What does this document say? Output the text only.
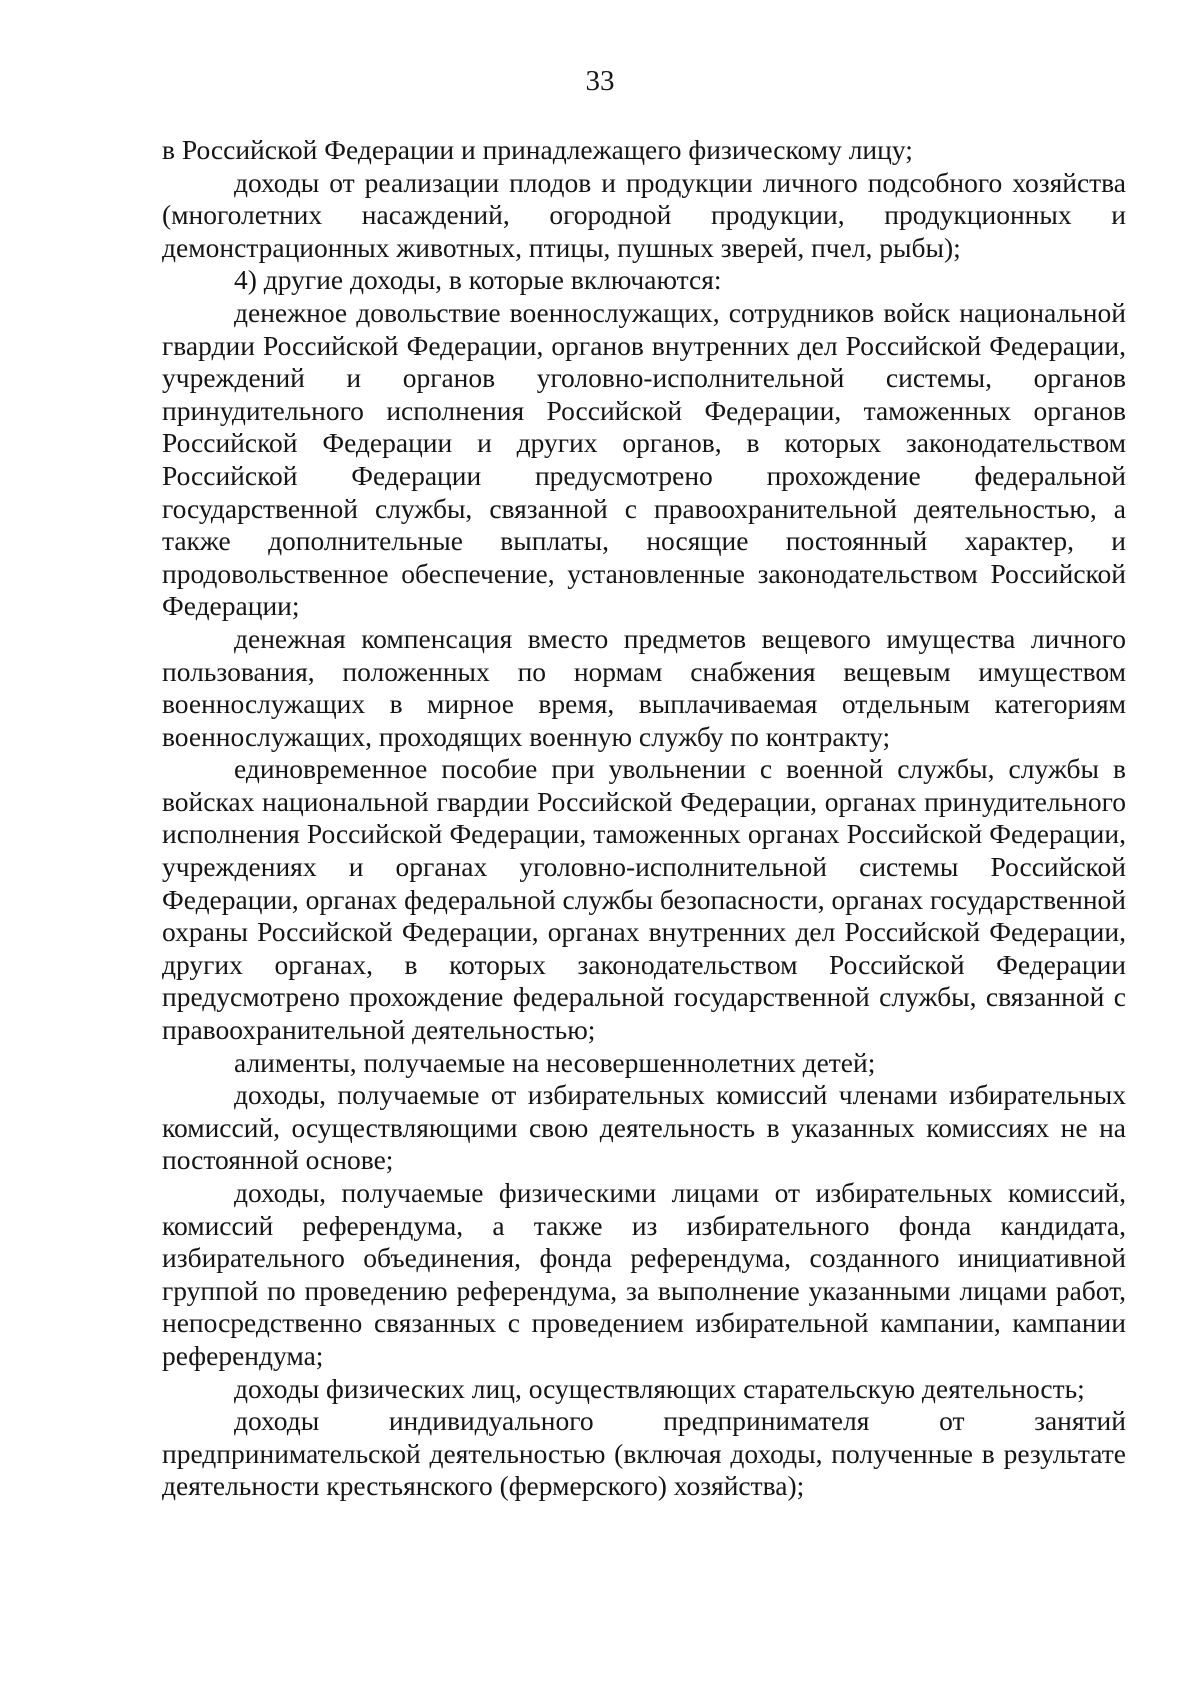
33

в Российской Федерации и принадлежащего физическому лицу;

доходы от реализации плодов и продукции личного подсобного хозяйства (многолетних насаждений, огородной продукции, продукционных и демонстрационных животных, птицы, пушных зверей, пчел, рыбы);

4) другие доходы, в которые включаются:

денежное довольствие военнослужащих, сотрудников войск национальной гвардии Российской Федерации, органов внутренних дел Российской Федерации, учреждений и органов уголовно-исполнительной системы, органов принудительного исполнения Российской Федерации, таможенных органов Российской Федерации и других органов, в которых законодательством Российской Федерации предусмотрено прохождение федеральной государственной службы, связанной с правоохранительной деятельностью, а также дополнительные выплаты, носящие постоянный характер, и продовольственное обеспечение, установленные законодательством Российской Федерации;

денежная компенсация вместо предметов вещевого имущества личного пользования, положенных по нормам снабжения вещевым имуществом военнослужащих в мирное время, выплачиваемая отдельным категориям военнослужащих, проходящих военную службу по контракту;

единовременное пособие при увольнении с военной службы, службы в войсках национальной гвардии Российской Федерации, органах принудительного исполнения Российской Федерации, таможенных органах Российской Федерации, учреждениях и органах уголовно-исполнительной системы Российской Федерации, органах федеральной службы безопасности, органах государственной охраны Российской Федерации, органах внутренних дел Российской Федерации, других органах, в которых законодательством Российской Федерации предусмотрено прохождение федеральной государственной службы, связанной с правоохранительной деятельностью;

алименты, получаемые на несовершеннолетних детей;

доходы, получаемые от избирательных комиссий членами избирательных комиссий, осуществляющими свою деятельность в указанных комиссиях не на постоянной основе;

доходы, получаемые физическими лицами от избирательных комиссий, комиссий референдума, а также из избирательного фонда кандидата, избирательного объединения, фонда референдума, созданного инициативной группой по проведению референдума, за выполнение указанными лицами работ, непосредственно связанных с проведением избирательной кампании, кампании референдума;

доходы физических лиц, осуществляющих старательскую деятельность;

доходы индивидуального предпринимателя от занятий предпринимательской деятельностью (включая доходы, полученные в результате деятельности крестьянского (фермерского) хозяйства);
